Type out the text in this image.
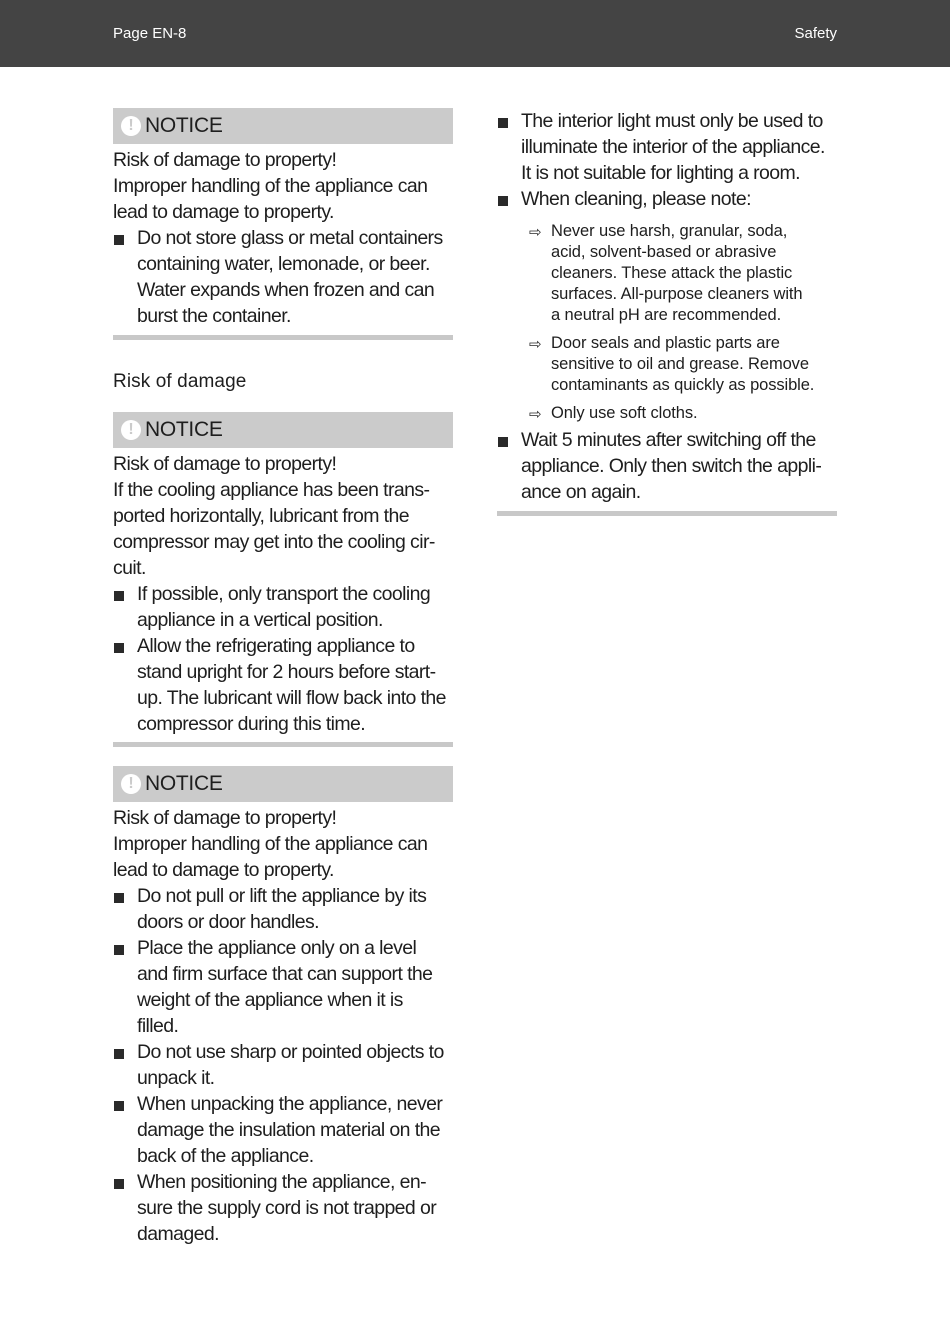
Page EN-8	Safety
! NOTICE
Risk of damage to property!
Improper handling of the appliance can
lead to damage to property.
Do not store glass or metal containers
containing water, lemonade, or beer.
Water expands when frozen and can
burst the container.
Risk of damage
! NOTICE
Risk of damage to property!
If the cooling appliance has been trans-
ported horizontally, lubricant from the
compressor may get into the cooling cir-
cuit.
If possible, only transport the cooling
appliance in a vertical position.
Allow the refrigerating appliance to
stand upright for 2 hours before start-
up. The lubricant will flow back into the
compressor during this time.
! NOTICE
Risk of damage to property!
Improper handling of the appliance can
lead to damage to property.
Do not pull or lift the appliance by its
doors or door handles.
Place the appliance only on a level
and firm surface that can support the
weight of the appliance when it is
filled.
Do not use sharp or pointed objects to
unpack it.
When unpacking the appliance, never
damage the insulation material on the
back of the appliance.
When positioning the appliance, en-
sure the supply cord is not trapped or
damaged.
The interior light must only be used to
illuminate the interior of the appliance.
It is not suitable for lighting a room.
When cleaning, please note:
⇨ Never use harsh, granular, soda,
acid, solvent-based or abrasive
cleaners. These attack the plastic
surfaces. All-purpose cleaners with
a neutral pH are recommended.
⇨ Door seals and plastic parts are
sensitive to oil and grease. Remove
contaminants as quickly as possible.
⇨ Only use soft cloths.
Wait 5 minutes after switching off the
appliance. Only then switch the appli-
ance on again.
